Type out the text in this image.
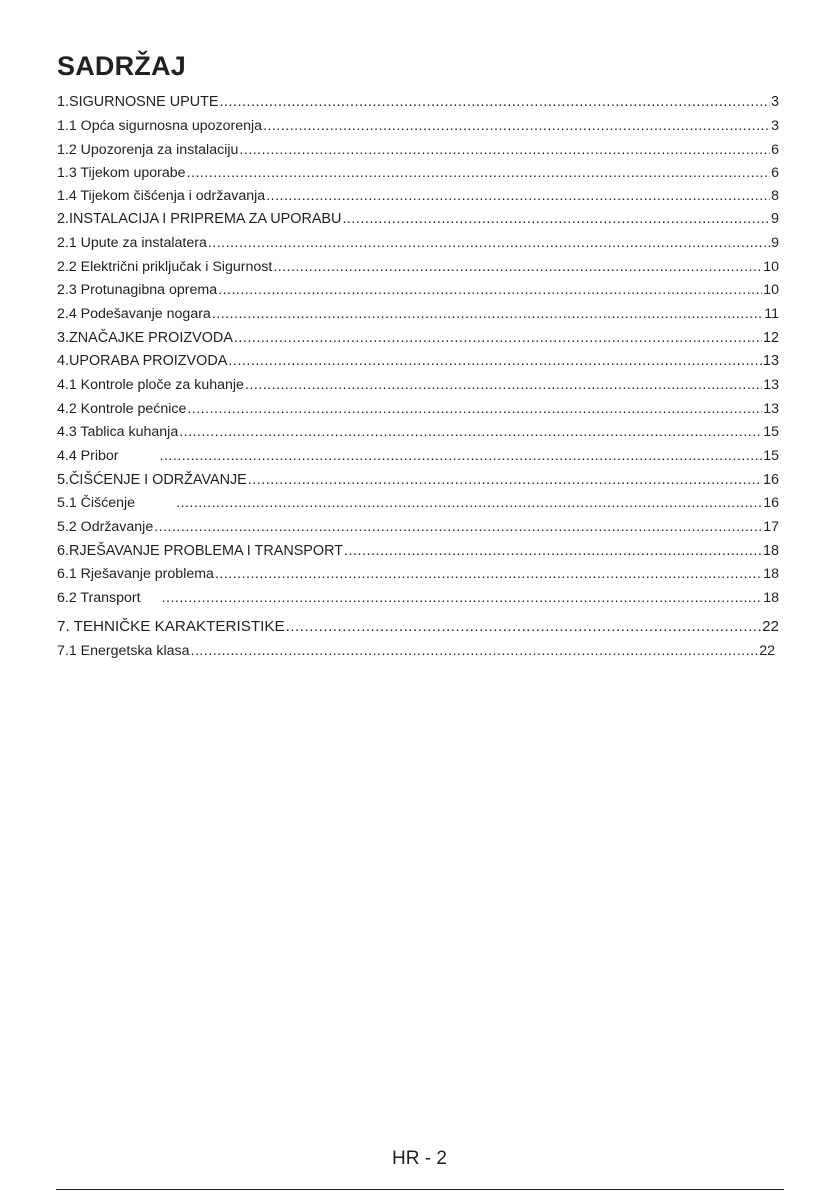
SADRŽAJ
1.SIGURNOSNE UPUTE .....	3
1.1 Opća sigurnosna upozorenja .....	3
1.2 Upozorenja za instalaciju .....	6
1.3 Tijekom uporabe .....	6
1.4 Tijekom čišćenja i održavanja .....	8
2.INSTALACIJA I PRIPREMA ZA UPORABU .....	9
2.1 Upute za instalatera .....	9
2.2 Električni priključak i Sigurnost .....	10
2.3 Protunagibna oprema .....	10
2.4 Podešavanje nogara .....	11
3.ZNAČAJKE PROIZVODA .....	12
4.UPORABA PROIZVODA .....	13
4.1 Kontrole ploče za kuhanje .....	13
4.2 Kontrole pećnice .....	13
4.3 Tablica kuhanja .....	15
4.4 Pribor .....	15
5.ČIŠĆENJE I ODRŽAVANJE .....	16
5.1 Čišćenje .....	16
5.2 Održavanje .....	17
6.RJEŠAVANJE PROBLEMA I TRANSPORT .....	18
6.1 Rješavanje problema .....	18
6.2 Transport .....	18
7. TEHNIČKE KARAKTERISTIKE .....	22
7.1 Energetska klasa .....	22

HR - 2
